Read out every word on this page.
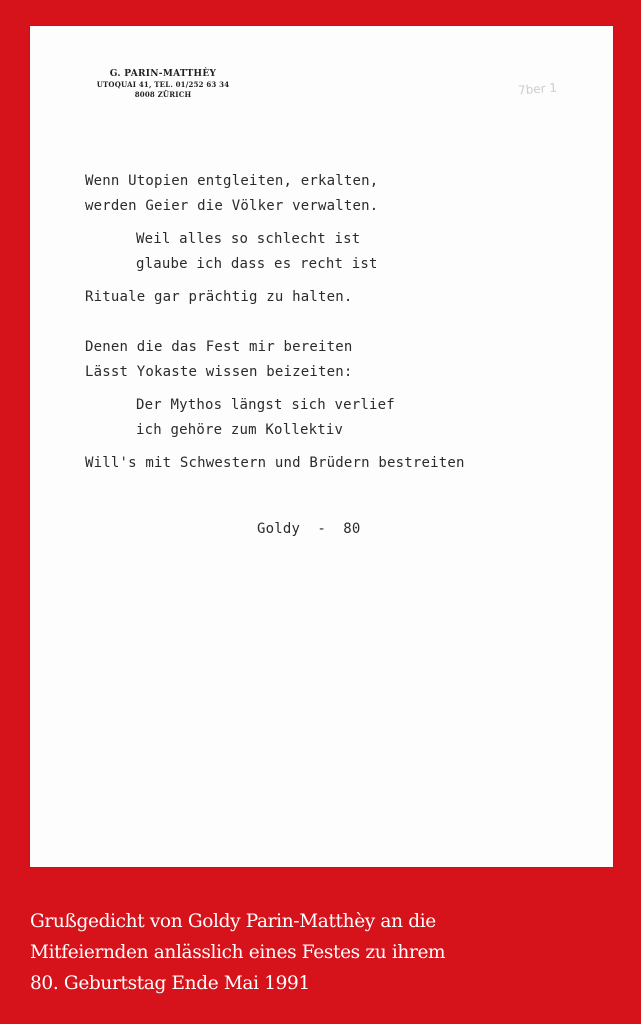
G. PARIN-MATTHÈY
UTOQUAI 41, TEL. 01/252 63 34
8008 ZÜRICH	7ber 1
Wenn Utopien entgleiten, erkalten,
werden Geier die Völker verwalten.
Weil alles so schlecht ist
glaube ich dass es recht ist
Rituale gar prächtig zu halten.
Denen die das Fest mir bereiten
Lässt Yokaste wissen beizeiten:
Der Mythos längst sich verlief
ich gehöre zum Kollektiv
Will's mit Schwestern und Brüdern bestreiten
Goldy  -  80
Grußgedicht von Goldy Parin-Matthèy an die
Mitfeiernden anlässlich eines Festes zu ihrem
80. Geburtstag Ende Mai 1991
